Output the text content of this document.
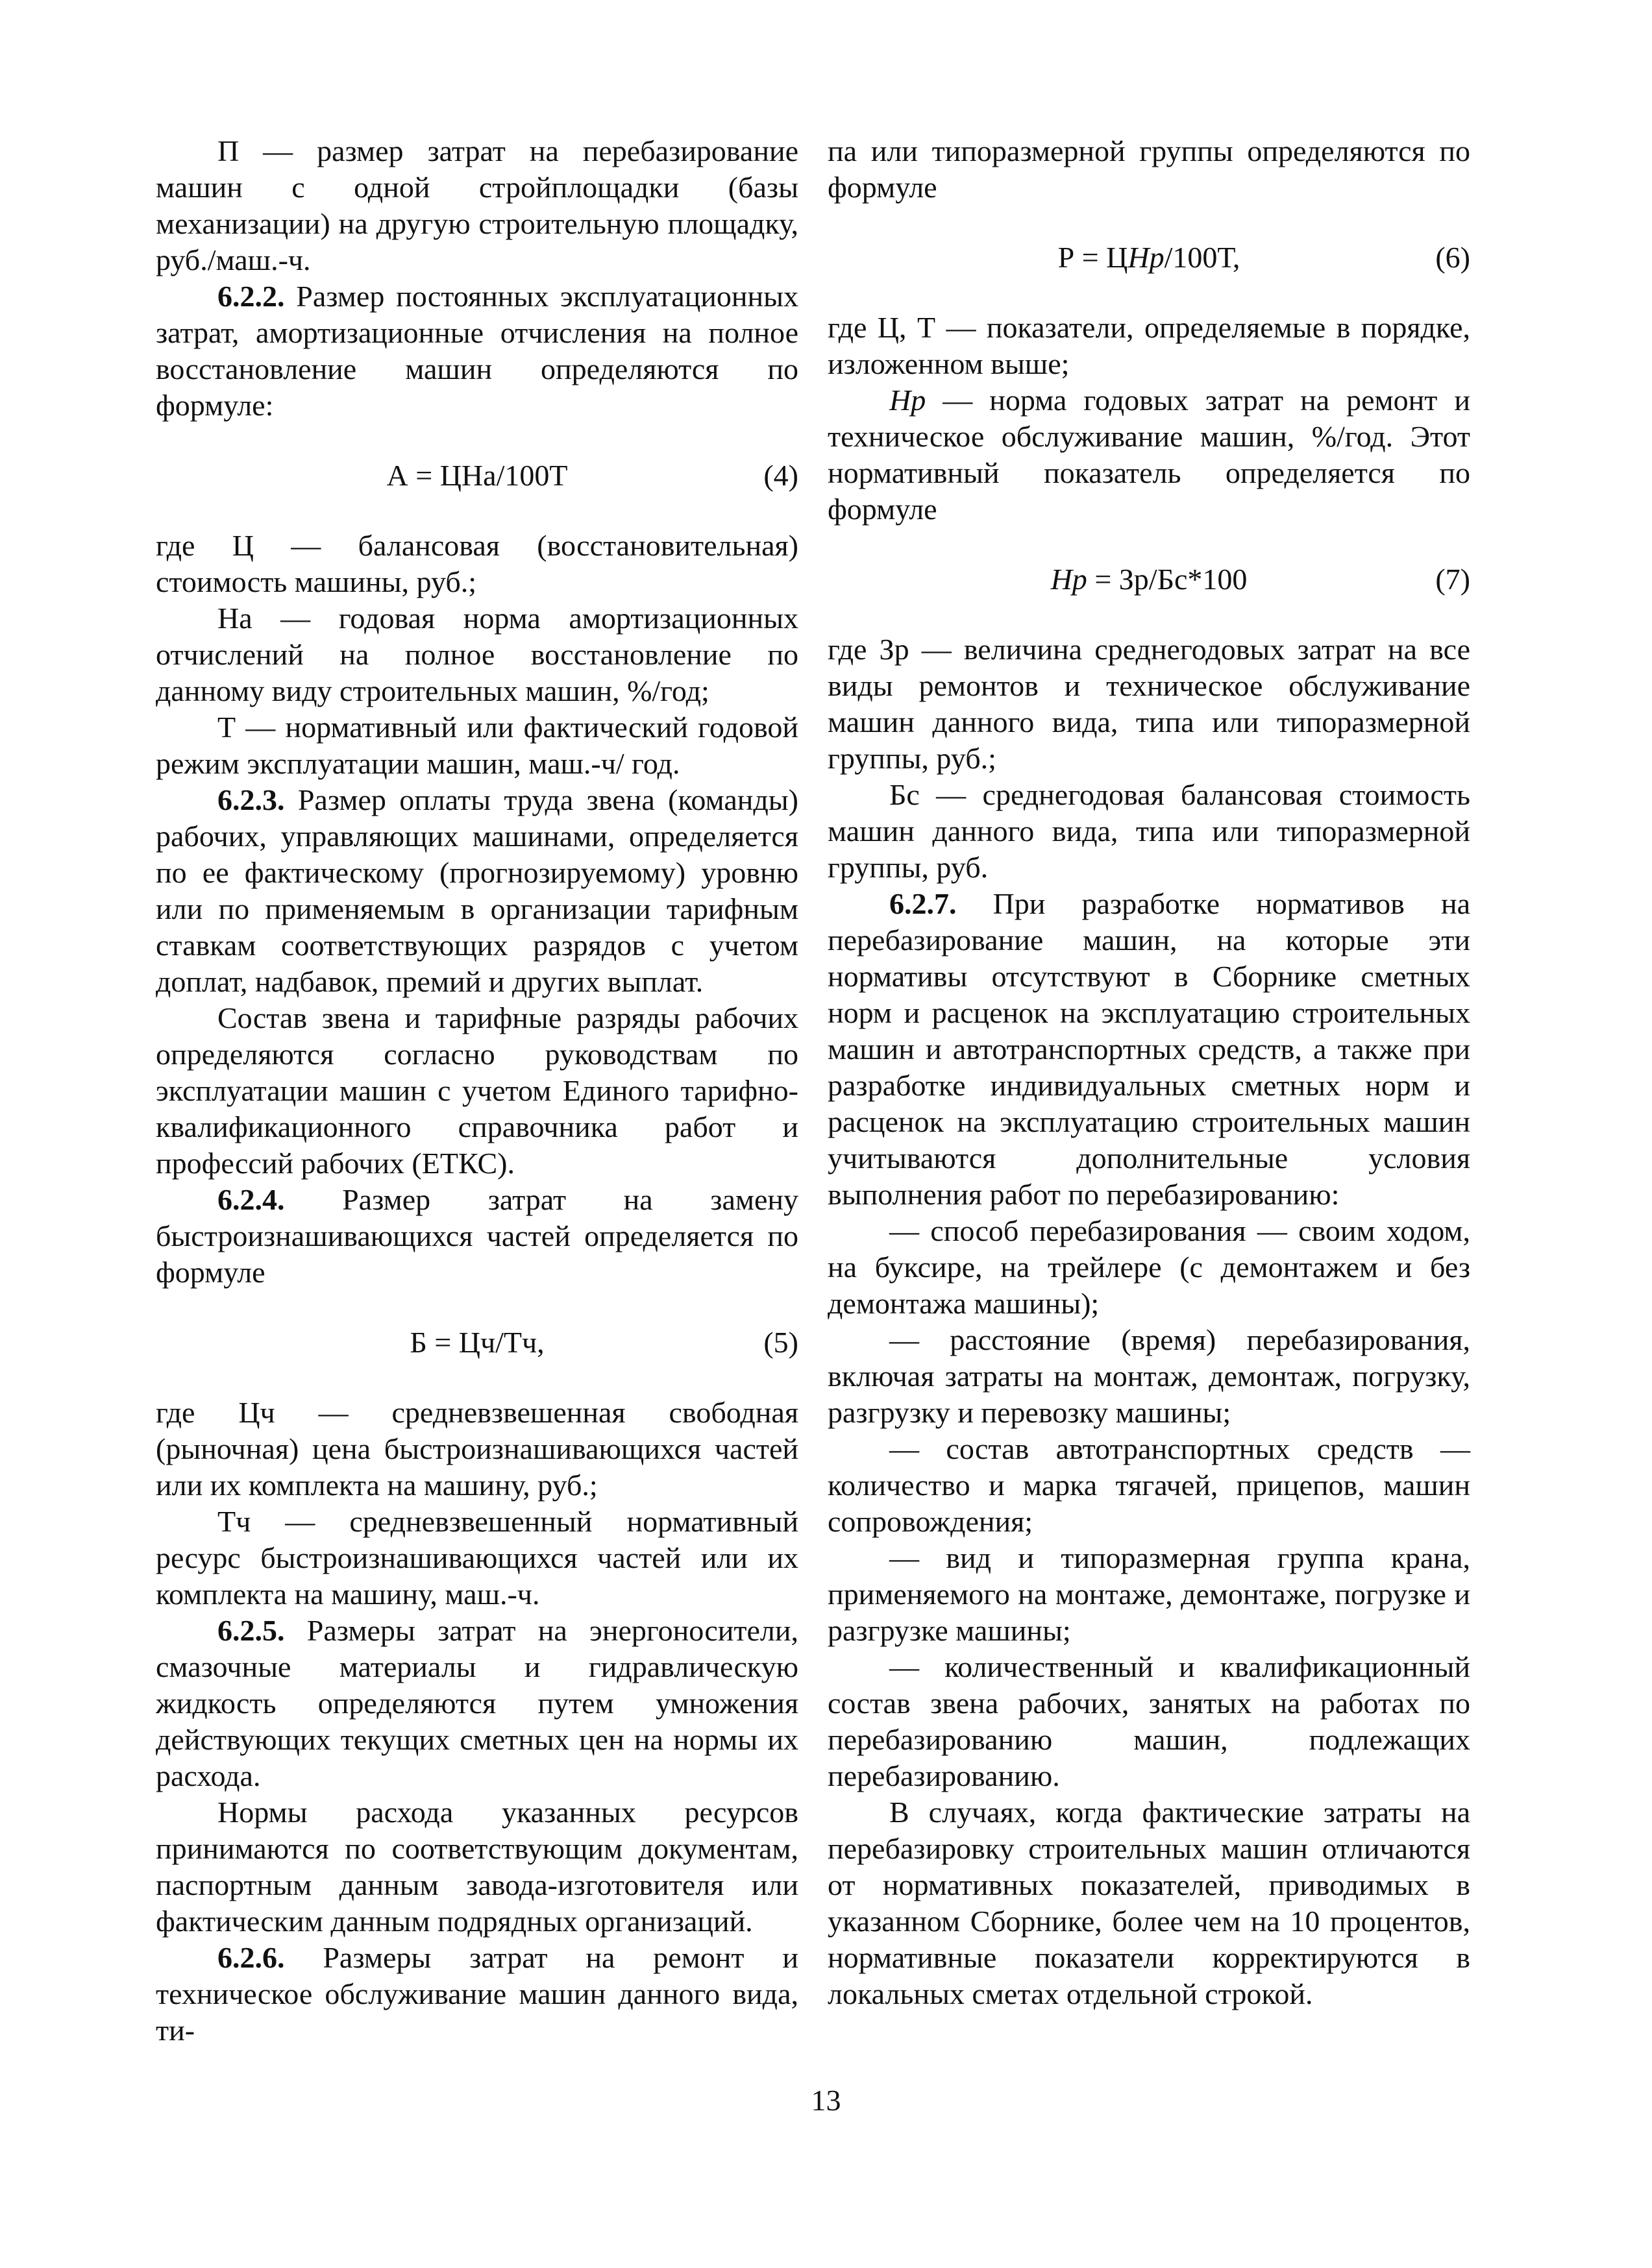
П — размер затрат на перебазирование машин с одной стройплощадки (базы механизации) на другую строительную площадку, руб./маш.-ч.

6.2.2. Размер постоянных эксплуатационных затрат, амортизационные отчисления на полное восстановление машин определяются по формуле:

А = ЦНа/100Т	(4)

где Ц — балансовая (восстановительная) стоимость машины, руб.;

На — годовая норма амортизационных отчислений на полное восстановление по данному виду строительных машин, %/год;

Т — нормативный или фактический годовой режим эксплуатации машин, маш.-ч/ год.

6.2.3. Размер оплаты труда звена (команды) рабочих, управляющих машинами, определяется по ее фактическому (прогнозируемому) уровню или по применяемым в организации тарифным ставкам соответствующих разрядов с учетом доплат, надбавок, премий и других выплат.

Состав звена и тарифные разряды рабочих определяются согласно руководствам по эксплуатации машин с учетом Единого тарифно-квалификационного справочника работ и профессий рабочих (ЕТКС).

6.2.4. Размер затрат на замену быстроизнашивающихся частей определяется по формуле

Б = Цч/Тч,	(5)

где Цч — средневзвешенная свободная (рыночная) цена быстроизнашивающихся частей или их комплекта на машину, руб.;

Тч — средневзвешенный нормативный ресурс быстроизнашивающихся частей или их комплекта на машину, маш.-ч.

6.2.5. Размеры затрат на энергоносители, смазочные материалы и гидравлическую жидкость определяются путем умножения действующих текущих сметных цен на нормы их расхода.

Нормы расхода указанных ресурсов принимаются по соответствующим документам, паспортным данным завода-изготовителя или фактическим данным подрядных организаций.

6.2.6. Размеры затрат на ремонт и техническое обслуживание машин данного вида, ти-

па или типоразмерной группы определяются по формуле

Р = ЦНр/100Т,	(6)

где Ц, Т — показатели, определяемые в порядке, изложенном выше;

Нр — норма годовых затрат на ремонт и техническое обслуживание машин, %/год. Этот нормативный показатель определяется по формуле

Нр = Зр/Бс*100	(7)

где Зр — величина среднегодовых затрат на все виды ремонтов и техническое обслуживание машин данного вида, типа или типоразмерной группы, руб.;

Бс — среднегодовая балансовая стоимость машин данного вида, типа или типоразмерной группы, руб.

6.2.7. При разработке нормативов на перебазирование машин, на которые эти нормативы отсутствуют в Сборнике сметных норм и расценок на эксплуатацию строительных машин и автотранспортных средств, а также при разработке индивидуальных сметных норм и расценок на эксплуатацию строительных машин учитываются дополнительные условия выполнения работ по перебазированию:

— способ перебазирования — своим ходом, на буксире, на трейлере (с демонтажем и без демонтажа машины);

— расстояние (время) перебазирования, включая затраты на монтаж, демонтаж, погрузку, разгрузку и перевозку машины;

— состав автотранспортных средств — количество и марка тягачей, прицепов, машин сопровождения;

— вид и типоразмерная группа крана, применяемого на монтаже, демонтаже, погрузке и разгрузке машины;

— количественный и квалификационный состав звена рабочих, занятых на работах по перебазированию машин, подлежащих перебазированию.

В случаях, когда фактические затраты на перебазировку строительных машин отличаются от нормативных показателей, приводимых в указанном Сборнике, более чем на 10 процентов, нормативные показатели корректируются в локальных сметах отдельной строкой.

13
